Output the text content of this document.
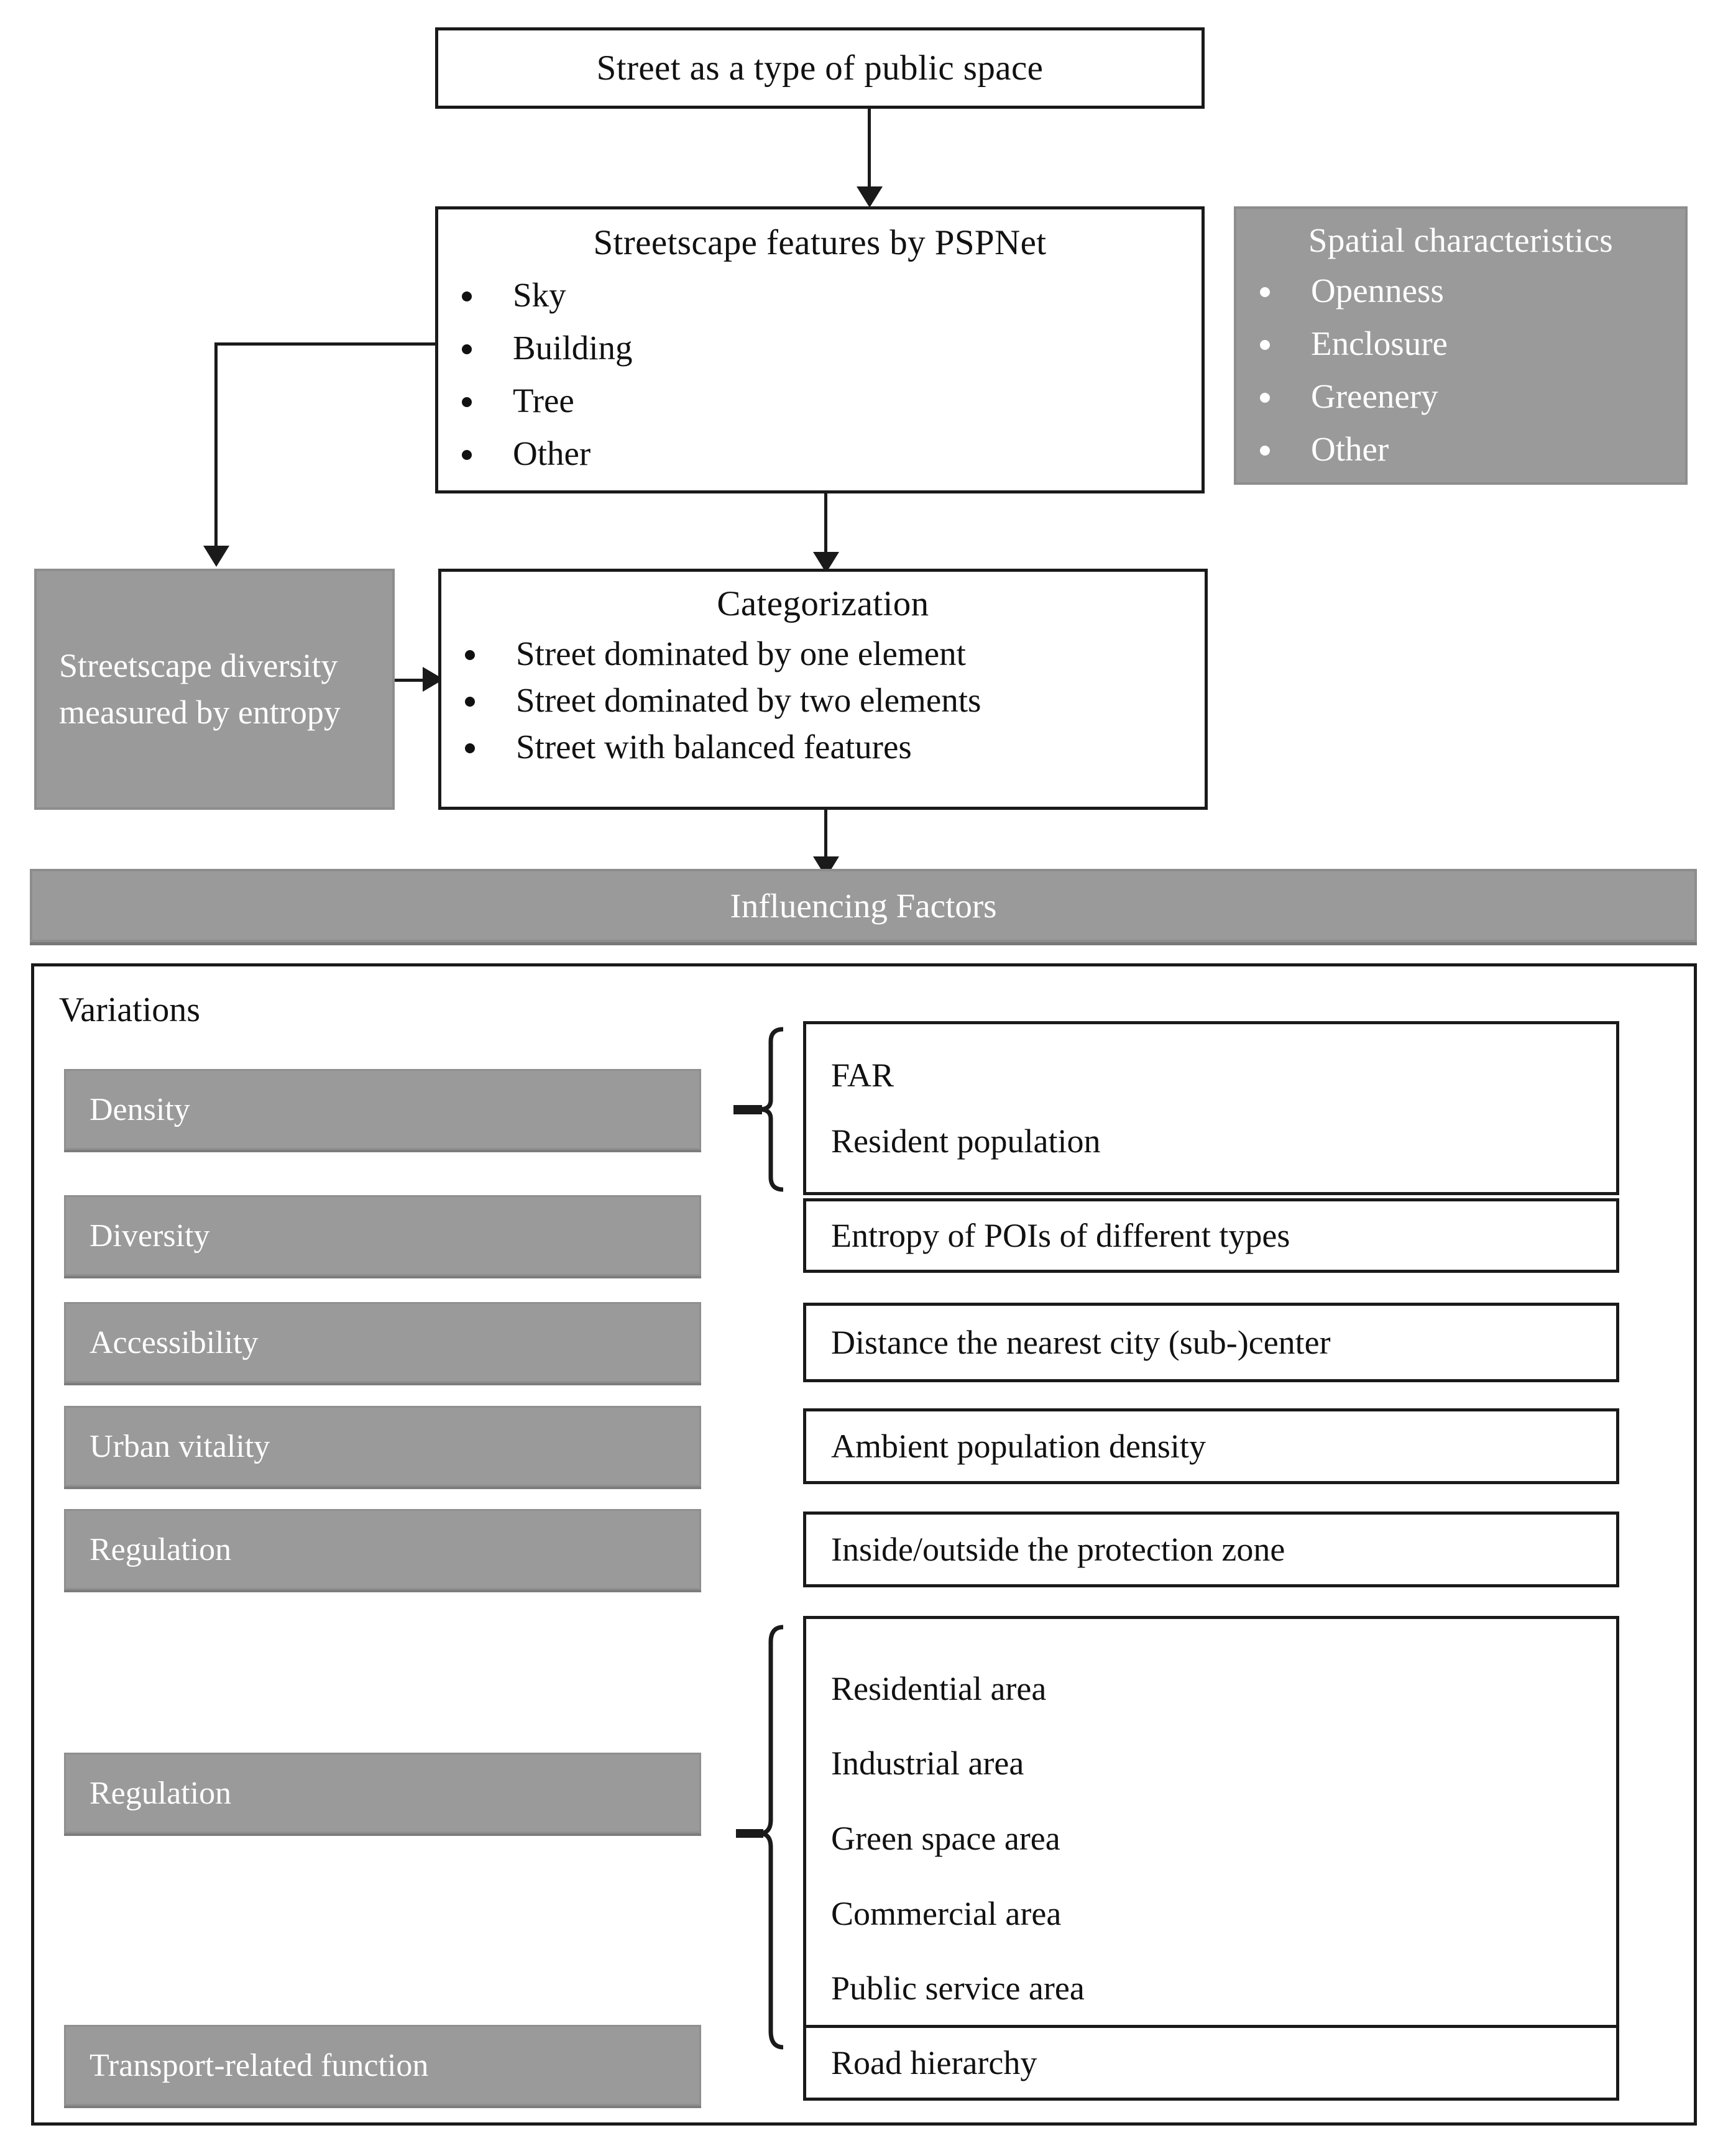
Street as a type of public space
Streetscape features by PSPNet
Sky
Building
Tree
Other
Spatial characteristics
Openness
Enclosure
Greenery
Other
Streetscape diversity measured by entropy
Categorization
Street dominated by one element
Street dominated by two elements
Street with balanced features
Influencing Factors
Variations
Density
FAR
Resident population
Diversity	Entropy of POIs of different types
Accessibility	Distance the nearest city (sub-)center
Urban vitality	Ambient population density
Regulation	Inside/outside the protection zone
Regulation
Residential area
Industrial area
Green space area
Commercial area
Public service area
Transport-related function	Road hierarchy
